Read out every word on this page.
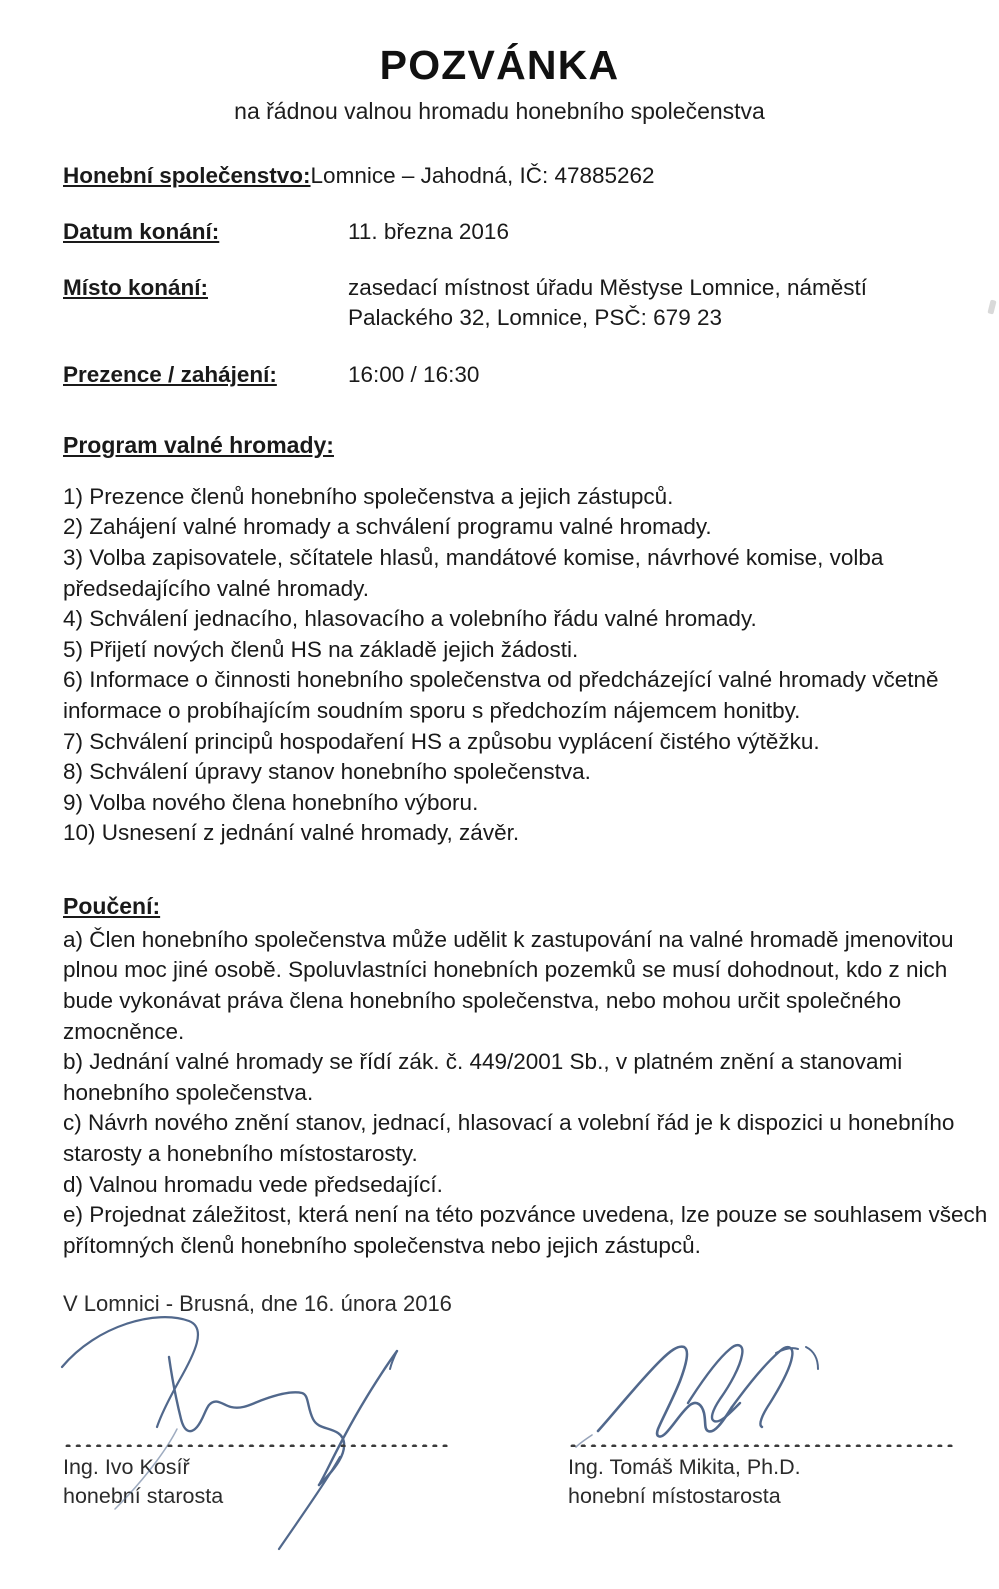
POZVÁNKA

na řádnou valnou hromadu honebního společenstva

Honební společenstvo: Lomnice – Jahodná, IČ: 47885262
Datum konání:	11. března 2016
Místo konání:	zasedací místnost úřadu Městyse Lomnice, náměstí
Palackého 32, Lomnice, PSČ: 679 23
Prezence / zahájení:	16:00 / 16:30
Program valné hromady:
1) Prezence členů honebního společenstva a jejich zástupců.
2) Zahájení valné hromady a schválení programu valné hromady.
3) Volba zapisovatele, sčítatele hlasů, mandátové komise, návrhové komise, volba předsedajícího valné hromady.
4) Schválení jednacího, hlasovacího a volebního řádu valné hromady.
5) Přijetí nových členů HS na základě jejich žádosti.
6) Informace o činnosti honebního společenstva od předcházející valné hromady včetně informace o probíhajícím soudním sporu s předchozím nájemcem honitby.
7) Schválení principů hospodaření HS a způsobu vyplácení čistého výtěžku.
8) Schválení úpravy stanov honebního společenstva.
9) Volba nového člena honebního výboru.
10) Usnesení z jednání valné hromady, závěr.
Poučení:
a) Člen honebního společenstva může udělit k zastupování na valné hromadě jmenovitou plnou moc jiné osobě. Spoluvlastníci honebních pozemků se musí dohodnout, kdo z nich bude vykonávat práva člena honebního společenstva, nebo mohou určit společného zmocněnce.
b) Jednání valné hromady se řídí zák. č. 449/2001 Sb., v platném znění a stanovami honebního společenstva.
c) Návrh nového znění stanov, jednací, hlasovací a volební řád je k dispozici u honebního starosty a honebního místostarosty.
d) Valnou hromadu vede předsedající.
e) Projednat záležitost, která není na této pozvánce uvedena, lze pouze se souhlasem všech přítomných členů honebního společenstva nebo jejich zástupců.

V Lomnici - Brusná, dne 16. února 2016

Ing. Ivo Kosíř

honební starosta

Ing. Tomáš Mikita, Ph.D.

honební místostarosta
